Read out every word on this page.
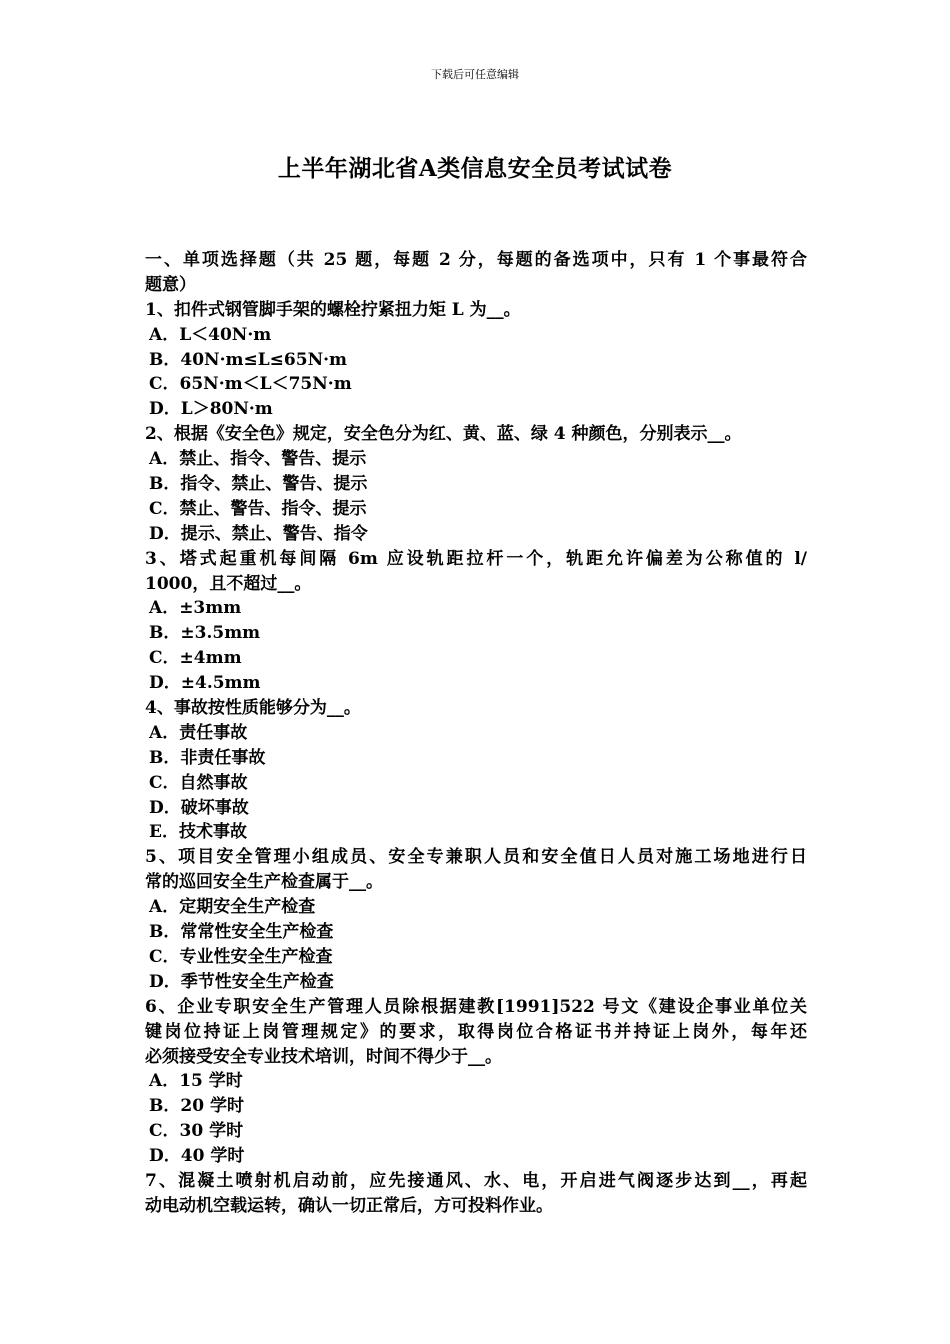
下载后可任意编辑
上半年湖北省A类信息安全员考试试卷
一、单项选择题（共 25 题，每题 2 分，每题的备选项中，只有 1 个事最符合
题意）
1、扣件式钢管脚手架的螺栓拧紧扭力矩 L 为__。
A．L＜40N·m
B．40N·m≤L≤65N·m
C．65N·m＜L＜75N·m
D．L＞80N·m
2、根据《安全色》规定，安全色分为红、黄、蓝、绿 4 种颜色，分别表示__。
A．禁止、指令、警告、提示
B．指令、禁止、警告、提示
C．禁止、警告、指令、提示
D．提示、禁止、警告、指令
3、塔式起重机每间隔 6m 应设轨距拉杆一个，轨距允许偏差为公称值的 l/
1000，且不超过__。
A．±3mm
B．±3.5mm
C．±4mm
D．±4.5mm
4、事故按性质能够分为__。
A．责任事故
B．非责任事故
C．自然事故
D．破坏事故
E．技术事故
5、项目安全管理小组成员、安全专兼职人员和安全值日人员对施工场地进行日
常的巡回安全生产检查属于__。
A．定期安全生产检查
B．常常性安全生产检查
C．专业性安全生产检查
D．季节性安全生产检查
6、企业专职安全生产管理人员除根据建教[1991]522 号文《建设企事业单位关
键岗位持证上岗管理规定》的要求，取得岗位合格证书并持证上岗外，每年还
必须接受安全专业技术培训，时间不得少于__。
A．15 学时
B．20 学时
C．30 学时
D．40 学时
7、混凝土喷射机启动前，应先接通风、水、电，开启进气阀逐步达到__，再起
动电动机空载运转，确认一切正常后，方可投料作业。
